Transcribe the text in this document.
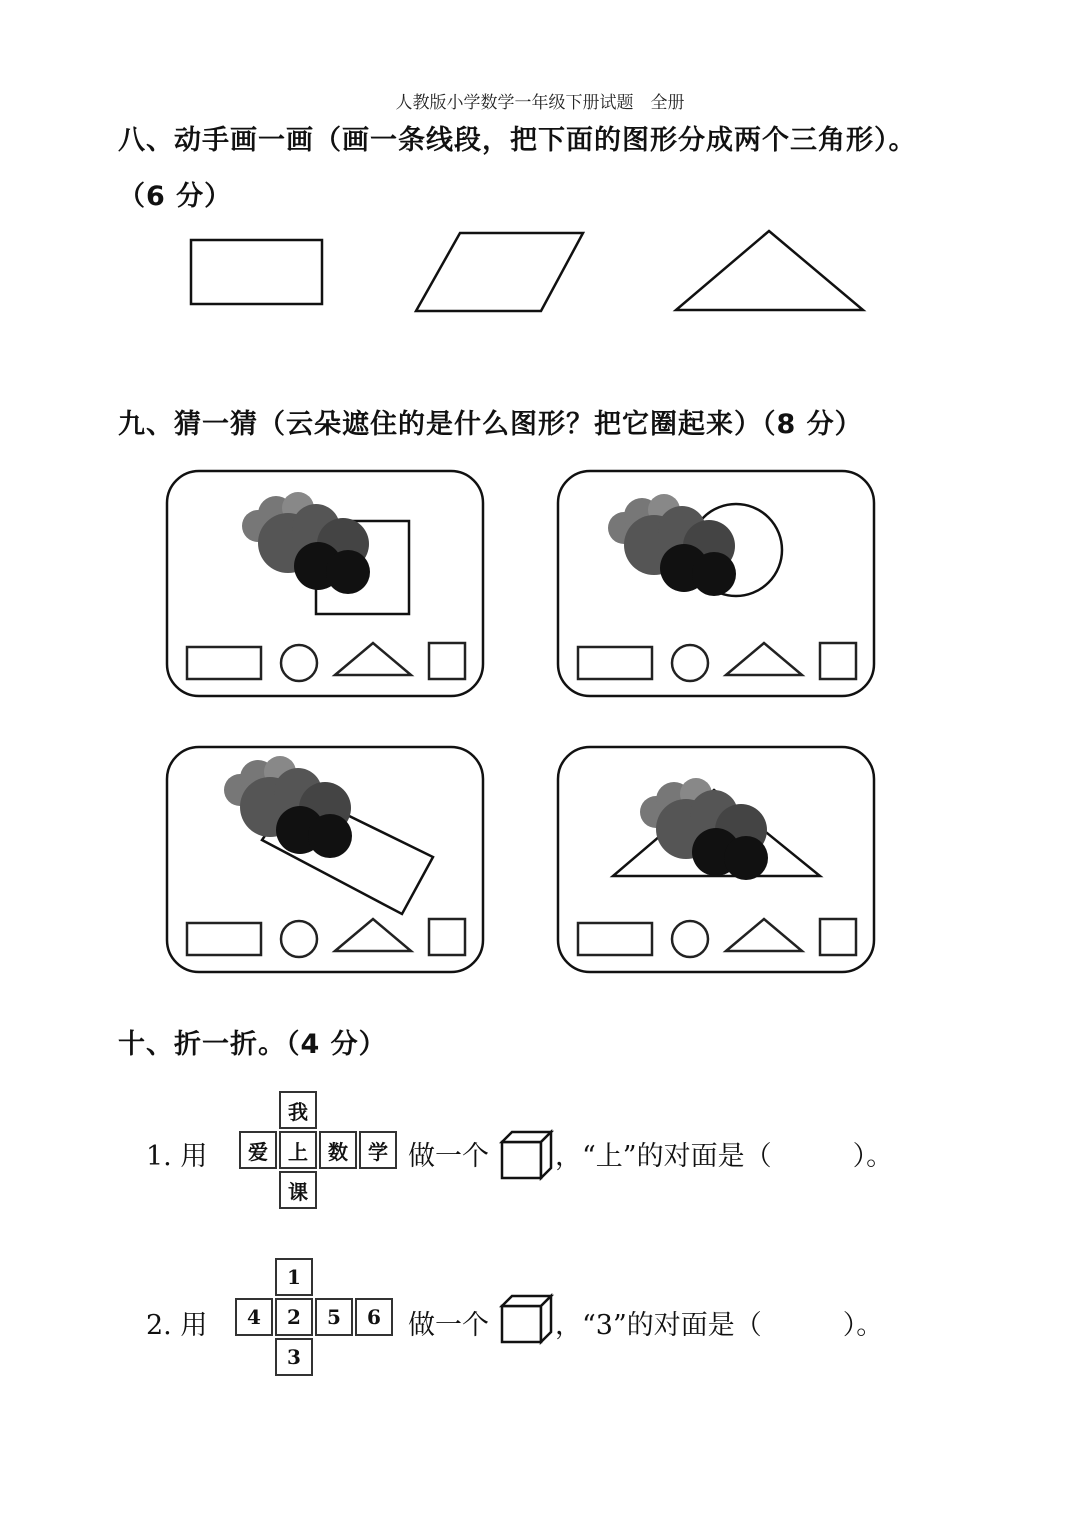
人教版小学数学一年级下册试题　全册
八、动手画一画（画一条线段，把下面的图形分成两个三角形）。
（6 分）
九、猜一猜（云朵遮住的是什么图形？把它圈起来）（8 分）
十、折一折。（4 分）
1. 用
我
爱	上	数	学
课
做一个 ，“上”的对面是（　　　）。
2. 用
1
4	2	5	6
3
做一个 ，“3”的对面是（　　　）。
